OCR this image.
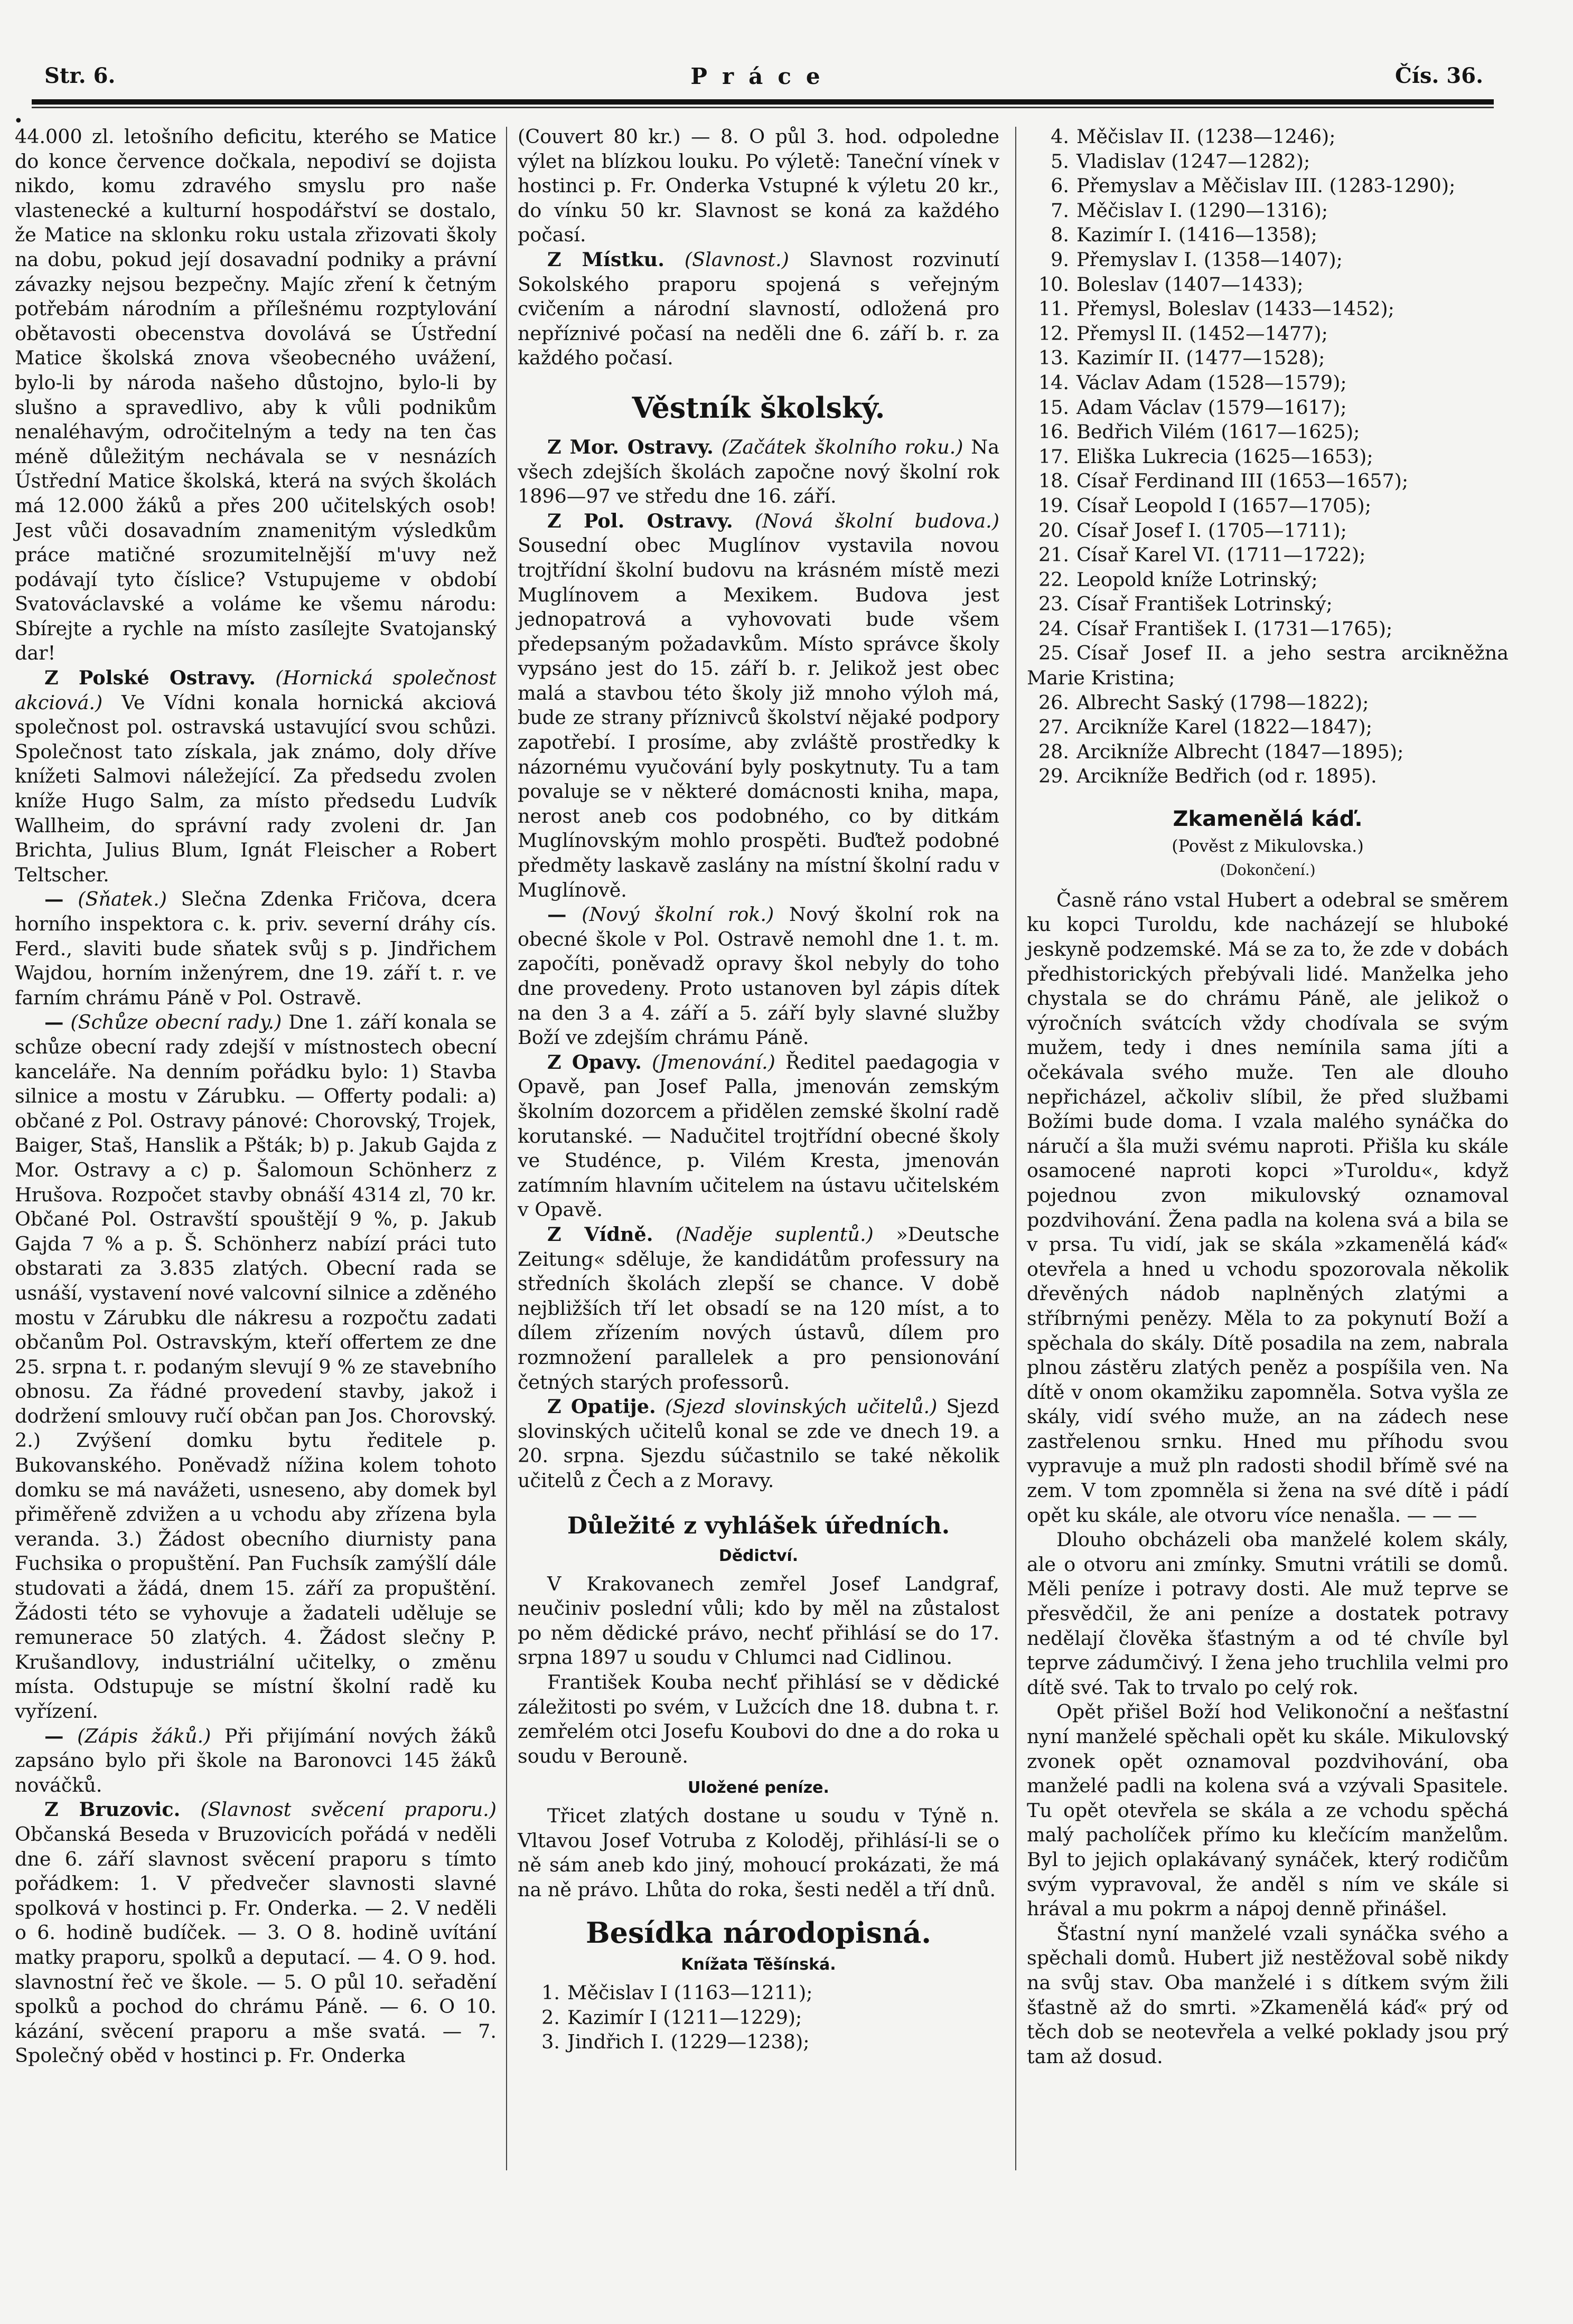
Str. 6.	Práce	Čís. 36.
•

44.000 zl. letošního deficitu, kterého se Matice do konce července dočkala, nepodiví se dojista nikdo, komu zdravého smyslu pro naše vlastenecké a kulturní hospodářství se dostalo, že Matice na sklonku roku ustala zřizovati školy na dobu, pokud její dosavadní podniky a právní závazky nejsou bezpečny. Majíc zření k četným potřebám národním a přílešnému rozptylování obětavosti obecenstva dovolává se Ústřední Matice školská znova všeobecného uvážení, bylo-li by národa našeho důstojno, bylo-li by slušno a spravedlivo, aby k vůli podnikům nenaléhavým, odročitelným a tedy na ten čas méně důležitým nechávala se v nesnázích Ústřední Matice školská, která na svých školách má 12.000 žáků a přes 200 učitelských osob! Jest vůči dosavadním znamenitým výsledkům práce matičné srozumitelnější m'uvy než podávají tyto číslice? Vstupujeme v období Svatováclavské a voláme ke všemu národu: Sbírejte a rychle na místo zasílejte Svatojanský dar!

Z Polské Ostravy. (Hornická společnost akciová.) Ve Vídni konala hornická akciová společnost pol. ostravská ustavující svou schůzi. Společnost tato získala, jak známo, doly dříve knížeti Salmovi náležející. Za předsedu zvolen kníže Hugo Salm, za místo předsedu Ludvík Wallheim, do správní rady zvoleni dr. Jan Brichta, Julius Blum, Ignát Fleischer a Robert Teltscher.

— (Sňatek.) Slečna Zdenka Fričova, dcera horního inspektora c. k. priv. severní dráhy cís. Ferd., slaviti bude sňatek svůj s p. Jindřichem Wajdou, horním inženýrem, dne 19. září t. r. ve farním chrámu Páně v Pol. Ostravě.

— (Schůze obecní rady.) Dne 1. září konala se schůze obecní rady zdejší v místnostech obecní kanceláře. Na denním pořádku bylo: 1) Stavba silnice a mostu v Zárubku. — Offerty podali: a) občané z Pol. Ostravy pánové: Chorovský, Trojek, Baiger, Staš, Hanslik a Pšták; b) p. Jakub Gajda z Mor. Ostravy a c) p. Šalomoun Schönherz z Hrušova. Rozpočet stavby obnáší 4314 zl, 70 kr. Občané Pol. Ostravští spouštějí 9 %, p. Jakub Gajda 7 % a p. Š. Schönherz nabízí práci tuto obstarati za 3.835 zlatých. Obecní rada se usnáší, vystavení nové valcovní silnice a zděného mostu v Zárubku dle nákresu a rozpočtu zadati občanům Pol. Ostravským, kteří offertem ze dne 25. srpna t. r. podaným slevují 9 % ze stavebního obnosu. Za řádné provedení stavby, jakož i dodržení smlouvy ručí občan pan Jos. Chorovský. 2.) Zvýšení domku bytu ředitele p. Bukovanského. Poněvadž nížina kolem tohoto domku se má navážeti, usneseno, aby domek byl přiměřeně zdvižen a u vchodu aby zřízena byla veranda. 3.) Žádost obecního diurnisty pana Fuchsika o propuštění. Pan Fuchsík zamýšlí dále studovati a žádá, dnem 15. září za propuštění. Žádosti této se vyhovuje a žadateli uděluje se remunerace 50 zlatých. 4. Žádost slečny P. Krušandlovy, industriální učitelky, o změnu místa. Odstupuje se místní školní radě ku vyřízení.

— (Zápis žáků.) Při přijímání nových žáků zapsáno bylo při škole na Baronovci 145 žáků nováčků.

Z Bruzovic. (Slavnost svěcení praporu.) Občanská Beseda v Bruzovicích pořádá v neděli dne 6. září slavnost svěcení praporu s tímto pořádkem: 1. V předvečer slavnosti slavné spolková v hostinci p. Fr. Onderka. — 2. V neděli o 6. hodině budíček. — 3. O 8. hodině uvítání matky praporu, spolků a deputací. — 4. O 9. hod. slavnostní řeč ve škole. — 5. O půl 10. seřadění spolků a pochod do chrámu Páně. — 6. O 10. kázání, svěcení praporu a mše svatá. — 7. Společný oběd v hostinci p. Fr. Onderka

(Couvert 80 kr.) — 8. O půl 3. hod. odpoledne výlet na blízkou louku. Po výletě: Taneční vínek v hostinci p. Fr. Onderka Vstupné k výletu 20 kr., do vínku 50 kr. Slavnost se koná za každého počasí.

Z Místku. (Slavnost.) Slavnost rozvinutí Sokolského praporu spojená s veřejným cvičením a národní slavností, odložená pro nepříznivé počasí na neděli dne 6. září b. r. za každého počasí.

Věstník školský.

Z Mor. Ostravy. (Začátek školního roku.) Na všech zdejších školách započne nový školní rok 1896—97 ve středu dne 16. září.

Z Pol. Ostravy. (Nová školní budova.) Sousední obec Muglínov vystavila novou trojtřídní školní budovu na krásném místě mezi Muglínovem a Mexikem. Budova jest jednopatrová a vyhovovati bude všem předepsaným požadavkům. Místo správce školy vypsáno jest do 15. září b. r. Jelikož jest obec malá a stavbou této školy již mnoho výloh má, bude ze strany příznivců školství nějaké podpory zapotřebí. I prosíme, aby zvláště prostředky k názornému vyučování byly poskytnuty. Tu a tam povaluje se v některé domácnosti kniha, mapa, nerost aneb cos podobného, co by ditkám Muglínovským mohlo prospěti. Buďtež podobné předměty laskavě zaslány na místní školní radu v Muglínově.

— (Nový školní rok.) Nový školní rok na obecné škole v Pol. Ostravě nemohl dne 1. t. m. započíti, poněvadž opravy škol nebyly do toho dne provedeny. Proto ustanoven byl zápis dítek na den 3 a 4. září a 5. září byly slavné služby Boží ve zdejším chrámu Páně.

Z Opavy. (Jmenování.) Ředitel paedagogia v Opavě, pan Josef Palla, jmenován zemským školním dozorcem a přidělen zemské školní radě korutanské. — Nadučitel trojtřídní obecné školy ve Studénce, p. Vilém Kresta, jmenován zatímním hlavním učitelem na ústavu učitelském v Opavě.

Z Vídně. (Naděje suplentů.) »Deutsche Zeitung« sděluje, že kandidátům professury na středních školách zlepší se chance. V době nejbližších tří let obsadí se na 120 míst, a to dílem zřízením nových ústavů, dílem pro rozmnožení parallelek a pro pensionování četných starých professorů.

Z Opatije. (Sjezd slovinských učitelů.) Sjezd slovinských učitelů konal se zde ve dnech 19. a 20. srpna. Sjezdu súčastnilo se také několik učitelů z Čech a z Moravy.

Důležité z vyhlášek úředních.
Dědictví.

V Krakovanech zemřel Josef Landgraf, neučiniv poslední vůli; kdo by měl na zůstalost po něm dědické právo, nechť přihlásí se do 17. srpna 1897 u soudu v Chlumci nad Cidlinou.

František Kouba nechť přihlásí se v dědické záležitosti po svém, v Lužcích dne 18. dubna t. r. zemřelém otci Josefu Koubovi do dne a do roka u soudu v Berouně.

Uložené peníze.

Třicet zlatých dostane u soudu v Týně n. Vltavou Josef Votruba z Koloděj, přihlásí-li se o ně sám aneb kdo jiný, mohoucí prokázati, že má na ně právo. Lhůta do roka, šesti neděl a tří dnů.

Besídka národopisná.
Knížata Těšínská.
1. Měčislav I (1163—1211);
2. Kazimír I (1211—1229);
3. Jindřich I. (1229—1238);
4. Měčislav II. (1238—1246);
5. Vladislav (1247—1282);
6. Přemyslav a Měčislav III. (1283-1290);
7. Měčislav I. (1290—1316);
8. Kazimír I. (1416—1358);
9. Přemyslav I. (1358—1407);
10. Boleslav (1407—1433);
11. Přemysl, Boleslav (1433—1452);
12. Přemysl II. (1452—1477);
13. Kazimír II. (1477—1528);
14. Václav Adam (1528—1579);
15. Adam Václav (1579—1617);
16. Bedřich Vilém (1617—1625);
17. Eliška Lukrecia (1625—1653);
18. Císař Ferdinand III (1653—1657);
19. Císař Leopold I (1657—1705);
20. Císař Josef I. (1705—1711);
21. Císař Karel VI. (1711—1722);
22. Leopold kníže Lotrinský;
23. Císař František Lotrinský;
24. Císař František I. (1731—1765);
25. Císař Josef II. a jeho sestra arcikněžna Marie Kristina;
26. Albrecht Saský (1798—1822);
27. Arcikníže Karel (1822—1847);
28. Arcikníže Albrecht (1847—1895);
29. Arcikníže Bedřich (od r. 1895).
Zkamenělá káď.
(Pověst z Mikulovska.)
(Dokončení.)

Časně ráno vstal Hubert a odebral se směrem ku kopci Turoldu, kde nacházejí se hluboké jeskyně podzemské. Má se za to, že zde v dobách předhistorických přebývali lidé. Manželka jeho chystala se do chrámu Páně, ale jelikož o výročních svátcích vždy chodívala se svým mužem, tedy i dnes nemínila sama jíti a očekávala svého muže. Ten ale dlouho nepřicházel, ačkoliv slíbil, že před službami Božími bude doma. I vzala malého synáčka do náručí a šla muži svému naproti. Přišla ku skále osamocené naproti kopci »Turoldu«, když pojednou zvon mikulovský oznamoval pozdvihování. Žena padla na kolena svá a bila se v prsa. Tu vidí, jak se skála »zkamenělá káď« otevřela a hned u vchodu spozorovala několik dřevěných nádob naplněných zlatými a stříbrnými penězy. Měla to za pokynutí Boží a spěchala do skály. Dítě posadila na zem, nabrala plnou zástěru zlatých peněz a pospíšila ven. Na dítě v onom okamžiku zapomněla. Sotva vyšla ze skály, vidí svého muže, an na zádech nese zastřelenou srnku. Hned mu příhodu svou vypravuje a muž pln radosti shodil břímě své na zem. V tom zpomněla si žena na své dítě i pádí opět ku skále, ale otvoru více nenašla. — — —

Dlouho obcházeli oba manželé kolem skály, ale o otvoru ani zmínky. Smutni vrátili se domů. Měli peníze i potravy dosti. Ale muž teprve se přesvědčil, že ani peníze a dostatek potravy nedělají člověka šťastným a od té chvíle byl teprve zádumčivý. I žena jeho truchlila velmi pro dítě své. Tak to trvalo po celý rok.

Opět přišel Boží hod Velikonoční a nešťastní nyní manželé spěchali opět ku skále. Mikulovský zvonek opět oznamoval pozdvihování, oba manželé padli na kolena svá a vzývali Spasitele. Tu opět otevřela se skála a ze vchodu spěchá malý pacholíček přímo ku klečícím manželům. Byl to jejich oplakávaný synáček, který rodičům svým vypravoval, že anděl s ním ve skále si hrával a mu pokrm a nápoj denně přinášel.

Šťastní nyní manželé vzali synáčka svého a spěchali domů. Hubert již nestěžoval sobě nikdy na svůj stav. Oba manželé i s dítkem svým žili šťastně až do smrti. »Zkamenělá káď« prý od těch dob se neotevřela a velké poklady jsou prý tam až dosud.
